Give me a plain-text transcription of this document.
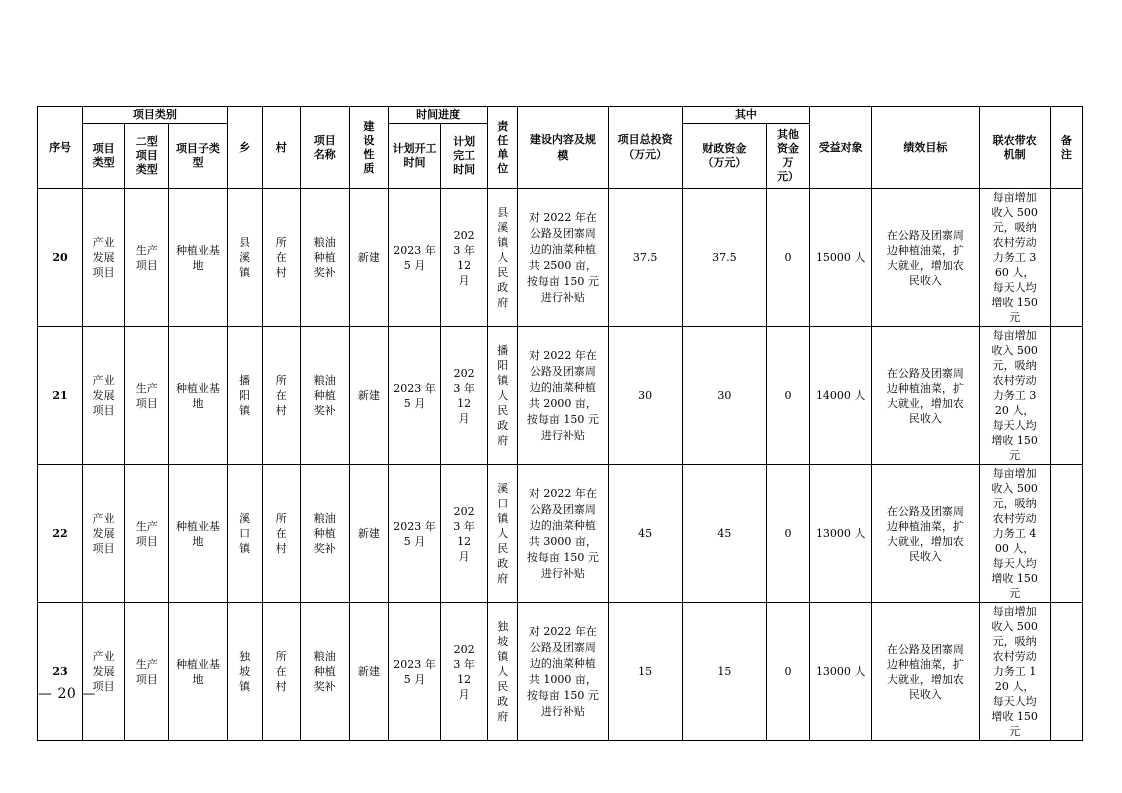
序号	项目类别			乡	村	项目名称	建设性质	时间进度		责任单位	建设内容及规模	项目总投资（万元）	其中		受益对象	绩效目标	联农带农机制	备注
	项目类型	二型项目类型	项目子类型					计划开工时间	计划完工时间				财政资金（万元）	其他资金万元）				
20	产业发展项目	生产项目	种植业基地	县溪镇	所在村	粮油种植奖补	新建	2023 年 5 月	2023 年 12 月	县溪镇人民政府	对 2022 年在公路及团寨周边的油菜种植共 2500 亩，按每亩 150 元进行补贴	37.5	37.5	0	15000 人	在公路及团寨周边种植油菜，扩大就业，增加农民收入	每亩增加收入 500 元，吸纳农村劳动力务工 360 人，每天人均增收 150 元	
21	产业发展项目	生产项目	种植业基地	播阳镇	所在村	粮油种植奖补	新建	2023 年 5 月	2023 年 12 月	播阳镇人民政府	对 2022 年在公路及团寨周边的油菜种植共 2000 亩，按每亩 150 元进行补贴	30	30	0	14000 人	在公路及团寨周边种植油菜，扩大就业，增加农民收入	每亩增加收入 500 元，吸纳农村劳动力务工 320 人，每天人均增收 150 元	
22	产业发展项目	生产项目	种植业基地	溪口镇	所在村	粮油种植奖补	新建	2023 年 5 月	2023 年 12 月	溪口镇人民政府	对 2022 年在公路及团寨周边的油菜种植共 3000 亩，按每亩 150 元进行补贴	45	45	0	13000 人	在公路及团寨周边种植油菜，扩大就业，增加农民收入	每亩增加收入 500 元，吸纳农村劳动力务工 400 人，每天人均增收 150 元	
23	产业发展项目	生产项目	种植业基地	独坡镇	所在村	粮油种植奖补	新建	2023 年 5 月	2023 年 12 月	独坡镇人民政府	对 2022 年在公路及团寨周边的油菜种植共 1000 亩，按每亩 150 元进行补贴	15	15	0	13000 人	在公路及团寨周边种植油菜，扩大就业，增加农民收入	每亩增加收入 500 元，吸纳农村劳动力务工 120 人，每天人均增收 150 元	
— 20 —
